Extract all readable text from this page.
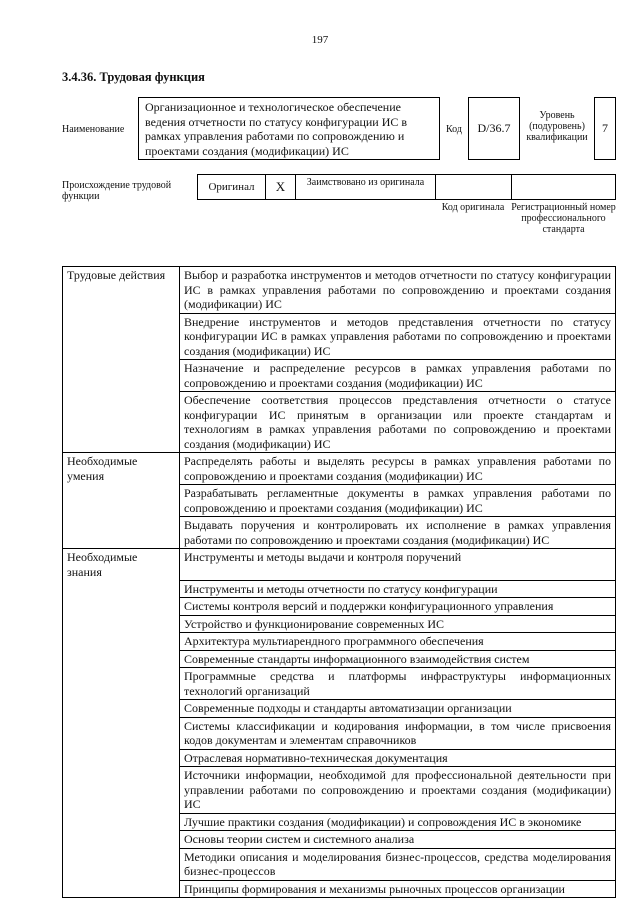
197
3.4.36. Трудовая функция
Наименование
Организационное и технологическое обеспечение ведения отчетности по статусу конфигурации ИС в рамках управления работами по сопровождению и проектами создания (модификации) ИС
Код	D/36.7
Уровень (подуровень) квалификации
7
Происхождение трудовой функции
Оригинал	X	Заимствовано из оригинала
Код оригинала Регистрационный номер профессионального стандарта
Трудовые действия	Выбор и разработка инструментов и методов отчетности по статусу конфигурации ИС в рамках управления работами по сопровождению и проектами создания (модификации) ИС
	Внедрение инструментов и методов представления отчетности по статусу конфигурации ИС в рамках управления работами по сопровождению и проектами создания (модификации) ИС
	Назначение и распределение ресурсов в рамках управления работами по сопровождению и проектами создания (модификации) ИС
	Обеспечение соответствия процессов представления отчетности о статусе конфигурации ИС принятым в организации или проекте стандартам и технологиям в рамках управления работами по сопровождению и проектами создания (модификации) ИС
Необходимые умения	Распределять работы и выделять ресурсы в рамках управления работами по сопровождению и проектами создания (модификации) ИС
	Разрабатывать регламентные документы в рамках управления работами по сопровождению и проектами создания (модификации) ИС
	Выдавать поручения и контролировать их исполнение в рамках управления работами по сопровождению и проектами создания (модификации) ИС
Необходимые знания	Инструменты и методы выдачи и контроля поручений
	Инструменты и методы отчетности по статусу конфигурации
	Системы контроля версий и поддержки конфигурационного управления
	Устройство и функционирование современных ИС
	Архитектура мультиарендного программного обеспечения
	Современные стандарты информационного взаимодействия систем
	Программные средства и платформы инфраструктуры информационных технологий организаций
	Современные подходы и стандарты автоматизации организации
	Системы классификации и кодирования информации, в том числе присвоения кодов документам и элементам справочников
	Отраслевая нормативно-техническая документация
	Источники информации, необходимой для профессиональной деятельности при управлении работами по сопровождению и проектами создания (модификации) ИС
	Лучшие практики создания (модификации) и сопровождения ИС в экономике
	Основы теории систем и системного анализа
	Методики описания и моделирования бизнес-процессов, средства моделирования бизнес-процессов
	Принципы формирования и механизмы рыночных процессов организации
